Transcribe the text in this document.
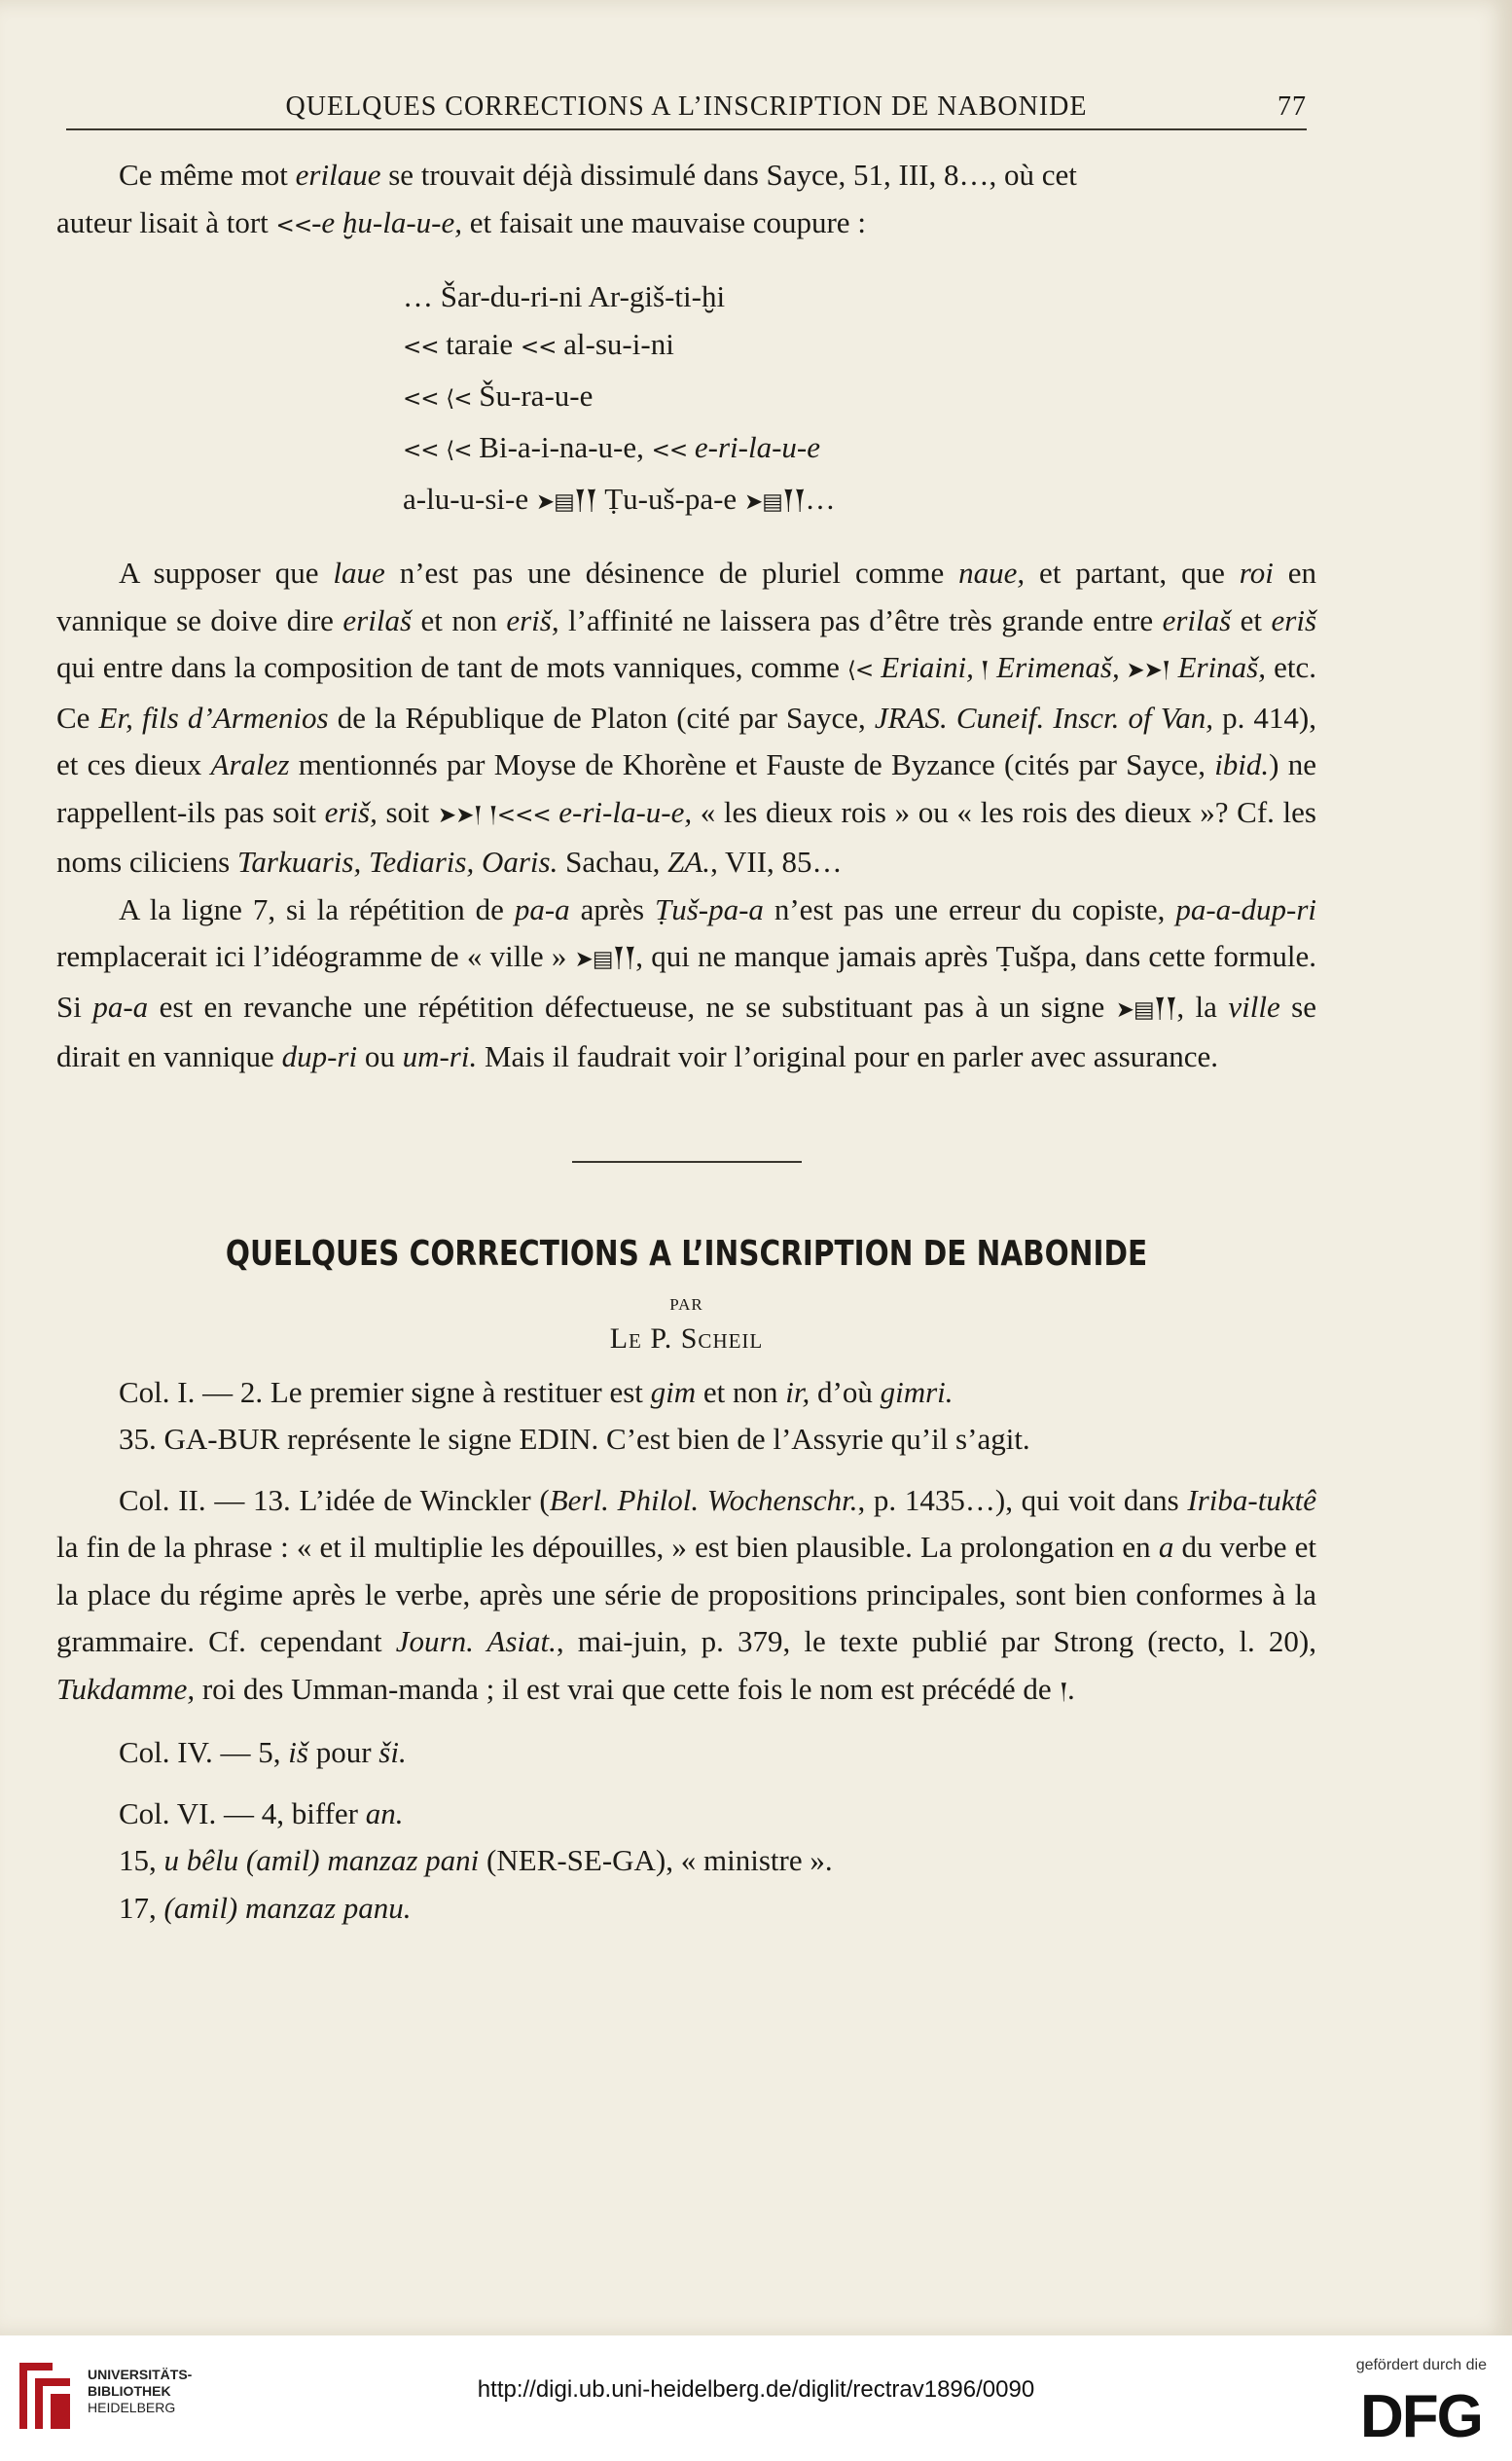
QUELQUES CORRECTIONS A L’INSCRIPTION DE NABONIDE	77

Ce même mot erilaue se trouvait déjà dissimulé dans Sayce, 51, III, 8…, où cet
auteur lisait à tort <<-e ḫu-la-u-e, et faisait une mauvaise coupure :

… Šar-du-ri-ni Ar-giš-ti-ḫi
<< taraie << al-su-i-ni
<< ⟨< Šu-ra-u-e
<< ⟨< Bi-a-i-na-u-e, << e-ri-la-u-e
a-lu-u-si-e ➤▤𒐕𒐕 Ṭu-uš-pa-e ➤▤𒐕𒐕…

A supposer que laue n’est pas une désinence de pluriel comme naue, et partant, que roi en vannique se doive dire erilaš et non eriš, l’affinité ne laissera pas d’être très grande entre erilaš et eriš qui entre dans la composition de tant de mots vanniques, comme ⟨< Eriaini, 𒁹 Erimenaš, ➤➤𒁹 Erinaš, etc. Ce Er, fils d’Armenios de la République de Platon (cité par Sayce, JRAS. Cuneif. Inscr. of Van, p. 414), et ces dieux Aralez mentionnés par Moyse de Khorène et Fauste de Byzance (cités par Sayce, ibid.) ne rappellent-ils pas soit eriš, soit ➤➤𒁹 𒁹<<< e-ri-la-u-e, « les dieux rois » ou « les rois des dieux »? Cf. les noms ciliciens Tarkuaris, Tediaris, Oaris. Sachau, ZA., VII, 85…

A la ligne 7, si la répétition de pa-a après Ṭuš-pa-a n’est pas une erreur du copiste, pa-a-dup-ri remplacerait ici l’idéogramme de « ville » ➤▤𒐕𒐕, qui ne manque jamais après Ṭušpa, dans cette formule. Si pa-a est en revanche une répétition défectueuse, ne se substituant pas à un signe ➤▤𒐕𒐕, la ville se dirait en vannique dup-ri ou um-ri. Mais il faudrait voir l’original pour en parler avec assurance.

QUELQUES CORRECTIONS A L’INSCRIPTION DE NABONIDE
PAR
Le P. Scheil

Col. I. — 2. Le premier signe à restituer est gim et non ir, d’où gimri.

35. GA-BUR représente le signe EDIN. C’est bien de l’Assyrie qu’il s’agit.

Col. II. — 13. L’idée de Winckler (Berl. Philol. Wochenschr., p. 1435…), qui voit dans Iriba-tuktê la fin de la phrase : « et il multiplie les dépouilles, » est bien plausible. La prolongation en a du verbe et la place du régime après le verbe, après une série de propositions principales, sont bien conformes à la grammaire. Cf. cependant Journ. Asiat., mai-juin, p. 379, le texte publié par Strong (recto, l. 20), Tukdamme, roi des Umman-manda ; il est vrai que cette fois le nom est précédé de 𒁹.

Col. IV. — 5, iš pour ši.

Col. VI. — 4, biffer an.

15, u bêlu (amil) manzaz pani (NER-SE-GA), « ministre ».

17, (amil) manzaz panu.

UNIVERSITÄTS-
BIBLIOTHEK
HEIDELBERG
http://digi.ub.uni-heidelberg.de/diglit/rectrav1896/0090
gefördert durch die
DFG
